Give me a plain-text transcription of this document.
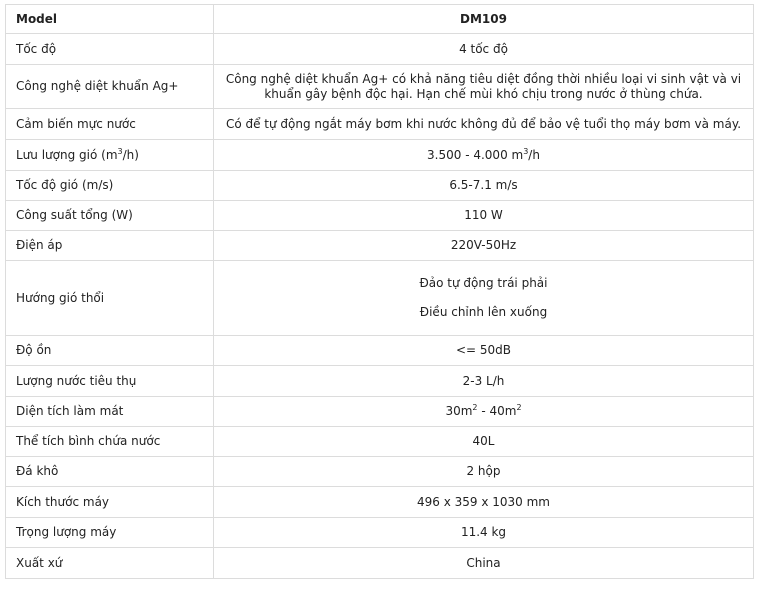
Model	DM109
Tốc độ	4 tốc độ
Công nghệ diệt khuẩn Ag+	Công nghệ diệt khuẩn Ag+ có khả năng tiêu diệt đồng thời nhiều loại vi sinh vật và vi khuẩn gây bệnh độc hại. Hạn chế mùi khó chịu trong nước ở thùng chứa.
Cảm biến mực nước	Có để tự động ngắt máy bơm khi nước không đủ để bảo vệ tuổi thọ máy bơm và máy.
Lưu lượng gió $(m^3/h)$	3.500 - 4.000 $m^3/h$
Tốc độ gió (m/s)	6.5-7.1 m/s
Công suất tổng (W)	110 W
Điện áp	220V-50Hz
Hướng gió thổi	Đảo tự động trái phải
Điều chỉnh lên xuống

Độ ồn	<= 50dB
Lượng nước tiêu thụ	2-3 L/h
Diện tích làm mát	$30m^2 - 40m^2$
Thể tích bình chứa nước	40L
Đá khô	2 hộp
Kích thước máy	496 x 359 x 1030 mm
Trọng lượng máy	11.4 kg
Xuất xứ	China
